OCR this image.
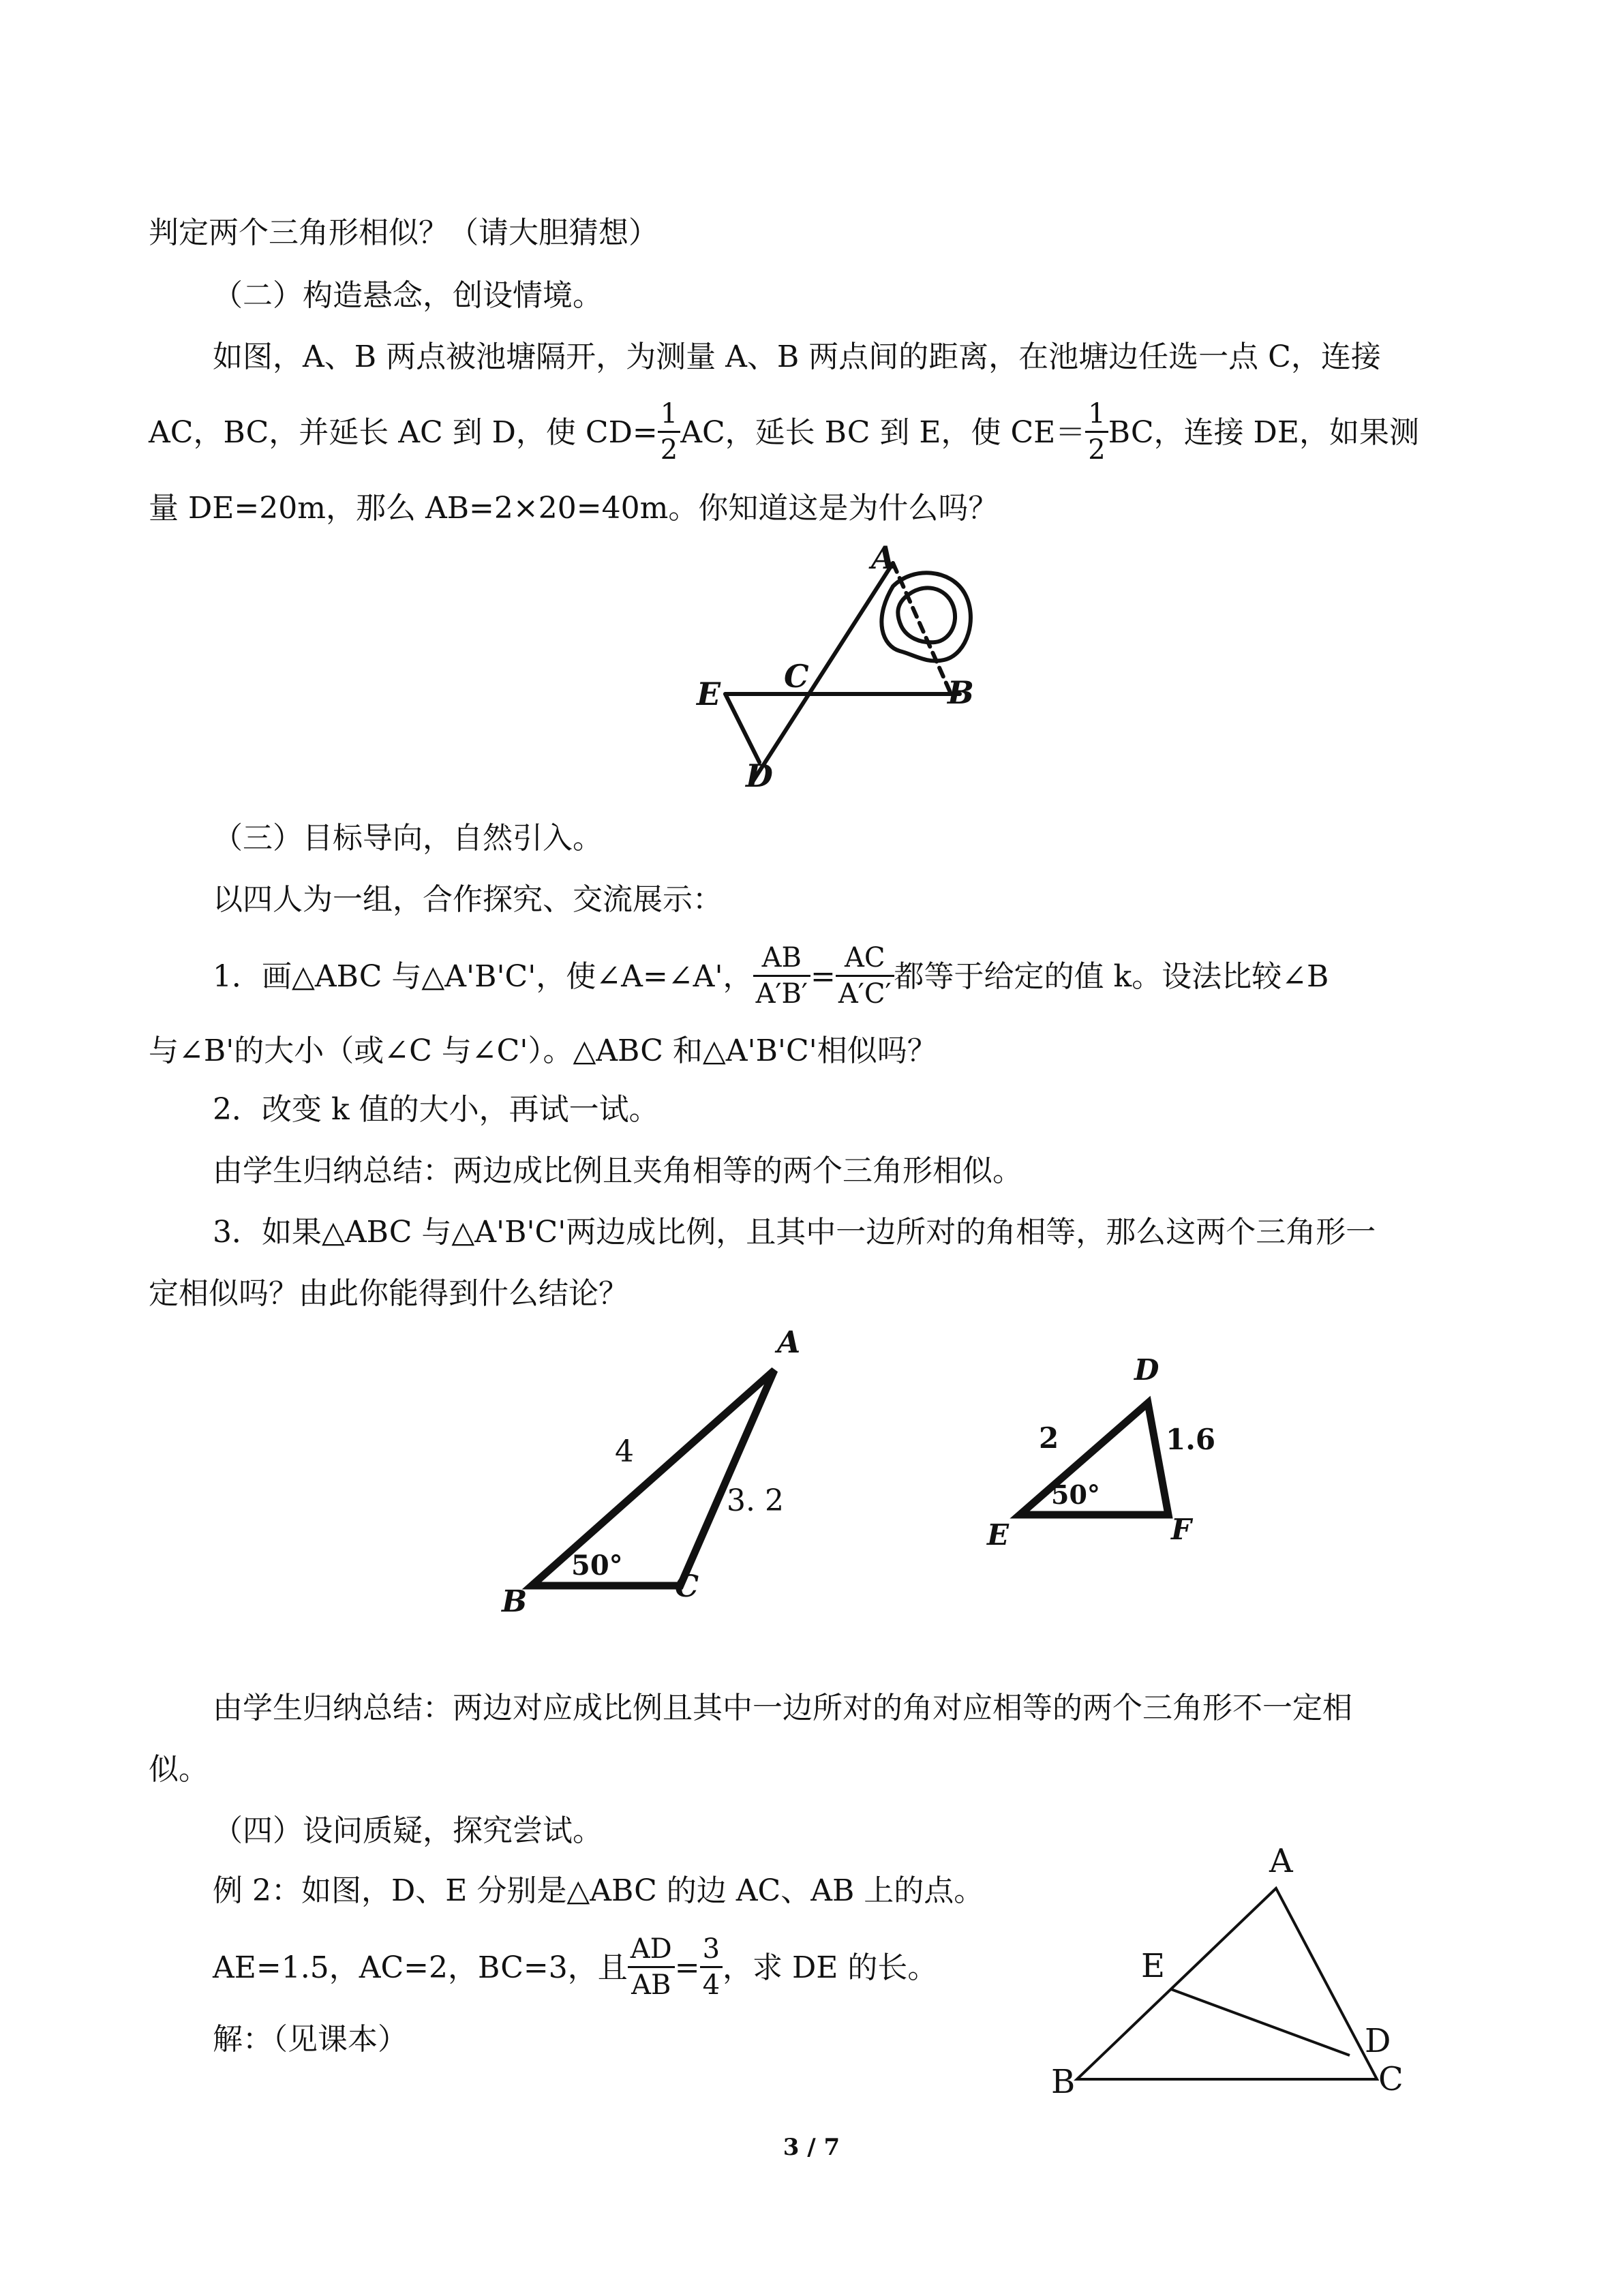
判定两个三角形相似？（请大胆猜想）
（二）构造悬念，创设情境。
如图，A、B 两点被池塘隔开，为测量 A、B 两点间的距离，在池塘边任选一点 C，连接
AC，BC，并延长 AC 到 D，使 $CD= \frac{1}{2}$ AC，延长 BC 到 E，使 $CE= \frac{1}{2}$ BC，连接 DE，如果测
量 DE=20m，那么 AB=2×20=40m。你知道这是为什么吗？
A
B
C
D
E
（三）目标导向，自然引入。
以四人为一组，合作探究、交流展示：
1．画△ABC 与△A'B'C'，使∠A=∠A'， $\frac{AB}{A'B'} = \frac{AC}{A'C'}$ 都等于给定的值 k。设法比较∠B
与∠B'的大小（或∠C 与∠C'）。△ABC 和△A'B'C'相似吗？
2．改变 k 值的大小，再试一试。
由学生归纳总结：两边成比例且夹角相等的两个三角形相似。
3．如果△ABC 与△A'B'C'两边成比例，且其中一边所对的角相等，那么这两个三角形一
定相似吗？由此你能得到什么结论？
A
B	C
4
3. 2
50°
D
E	F
2	1.6
50°
由学生归纳总结：两边对应成比例且其中一边所对的角对应相等的两个三角形不一定相
似。
（四）设问质疑，探究尝试。
例 2：如图，D、E 分别是△ABC 的边 AC、AB 上的点。
AE=1.5，AC=2，BC=3，且 $\frac{AD}{AB} = \frac{3}{4}$ ，求 DE 的长。
解：（见课本）
A
B	C
D
E
3 / 7
